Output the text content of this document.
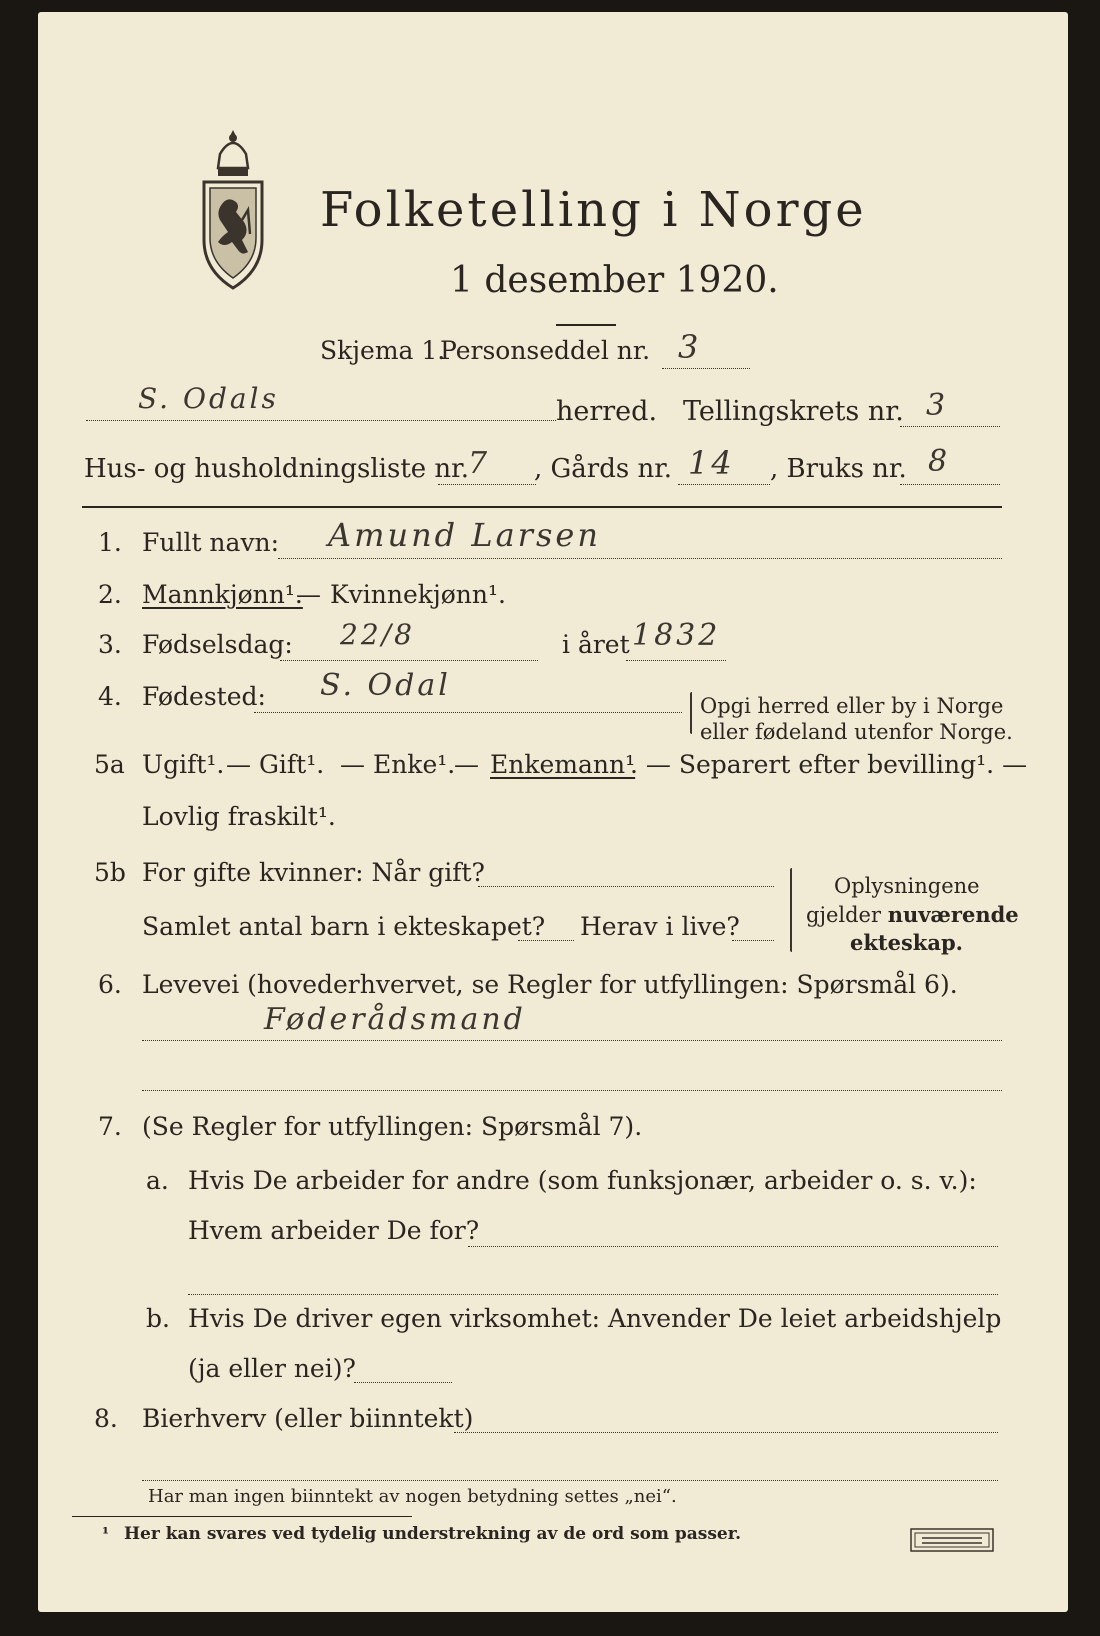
Folketelling i Norge
1 desember 1920.
Skjema 1.
Personseddel nr. 3
S. Odals	herred. Tellingskrets nr. 3
Hus- og husholdningsliste nr.
7 , Gårds nr. 14 , Bruks nr. 8
1. Fullt navn: Amund Larsen
2. Mannkjønn¹.
— Kvinnekjønn¹.
3. Fødselsdag: 22/8	i året 1832
4. Fødested: S. Odal
Opgi herred eller by i Norge
eller fødeland utenfor Norge.
5a Ugift¹. — Gift¹. — Enke¹.
— Enkemann¹
. — Separert efter bevilling¹. —
Lovlig fraskilt¹.
5b For gifte kvinner: Når gift?
Samlet antal barn i ekteskapet? Herav i live?
Oplysningene
gjelder nuværende
ekteskap.
6. Levevei (hovederhvervet, se Regler for utfyllingen: Spørsmål 6).
Føderådsmand
7. (Se Regler for utfyllingen: Spørsmål 7).
a. Hvis De arbeider for andre (som funksjonær, arbeider o. s. v.):
Hvem arbeider De for?
b. Hvis De driver egen virksomhet: Anvender De leiet arbeidshjelp
(ja eller nei)?
8. Bierhverv (eller biinntekt)
Har man ingen biinntekt av nogen betydning settes „nei“.
¹ Her kan svares ved tydelig understrekning av de ord som passer.
